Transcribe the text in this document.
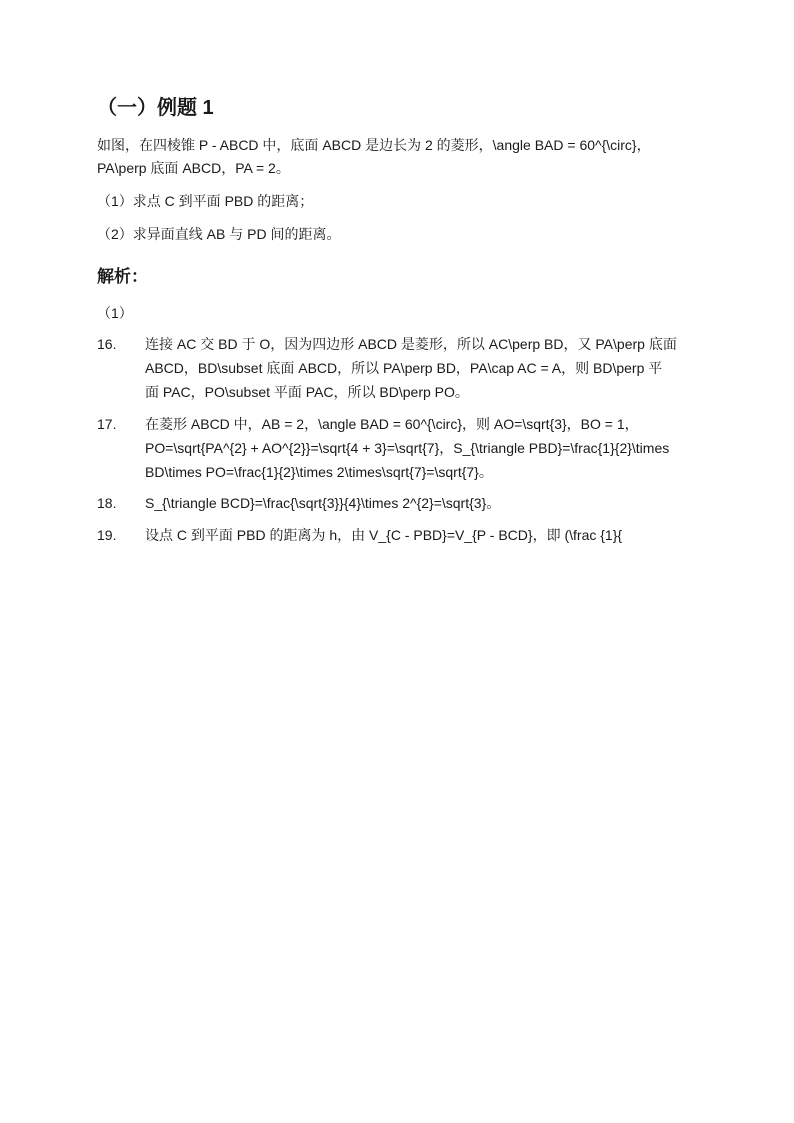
（一）例题 1

如图，在四棱锥 P - ABCD 中，底面 ABCD 是边长为 2 的菱形，\angle BAD = 60^{\circ}，
PA\perp 底面 ABCD，PA = 2。

（1）求点 C 到平面 PBD 的距离；

（2）求异面直线 AB 与 PD 间的距离。

解析：

（1）

16. 连接 AC 交 BD 于 O，因为四边形 ABCD 是菱形，所以 AC\perp BD，又 PA\perp 底面
ABCD，BD\subset 底面 ABCD，所以 PA\perp BD，PA\cap AC = A，则 BD\perp 平
面 PAC，PO\subset 平面 PAC，所以 BD\perp PO。
17. 在菱形 ABCD 中，AB = 2，\angle BAD = 60^{\circ}，则 AO=\sqrt{3}，BO = 1，
PO=\sqrt{PA^{2} + AO^{2}}=\sqrt{4 + 3}=\sqrt{7}，S_{\triangle PBD}=\frac{1}{2}\times
BD\times PO=\frac{1}{2}\times 2\times\sqrt{7}=\sqrt{7}。
18. S_{\triangle BCD}=\frac{\sqrt{3}}{4}\times 2^{2}=\sqrt{3}。
19. 设点 C 到平面 PBD 的距离为 h，由 V_{C - PBD}=V_{P - BCD}，即 (\frac {1}{
